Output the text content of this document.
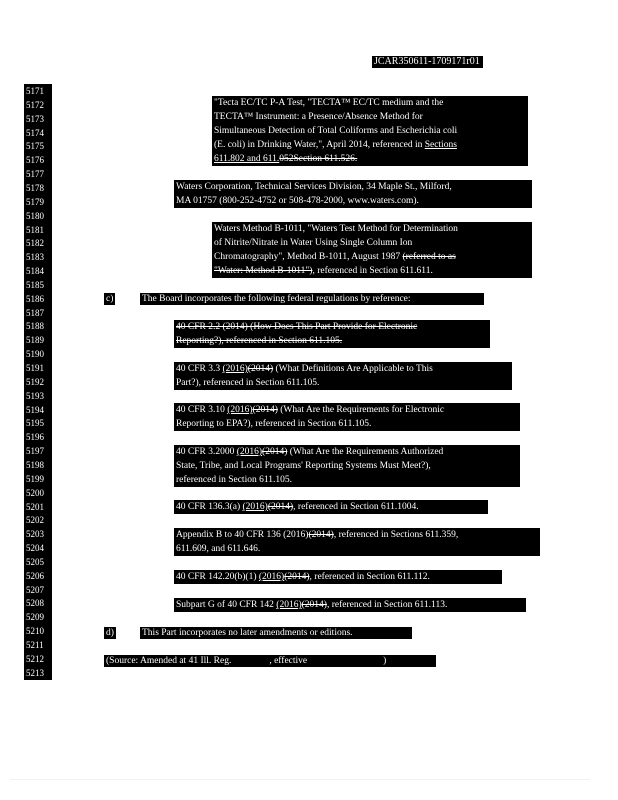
JCAR350611-1709171r01
5171
5172
5173
5174
5175
5176
5177
5178
5179
5180
5181
5182
5183
5184
5185
5186
5187
5188
5189
5190
5191
5192
5193
5194
5195
5196
5197
5198
5199
5200
5201
5202
5203
5204
5205
5206
5207
5208
5209
5210
5211
5212
5213
"Tecta EC/TC P-A Test, "TECTA™ EC/TC medium and the
TECTA™ Instrument: a Presence/Absence Method for
Simultaneous Detection of Total Coliforms and Escherichia coli
(E. coli) in Drinking Water,", April 2014, referenced in Sections
611.802 and 611.052Section 611.526.
Waters Corporation, Technical Services Division, 34 Maple St., Milford,
MA 01757 (800-252-4752 or 508-478-2000, www.waters.com).
Waters Method B-1011, "Waters Test Method for Determination
of Nitrite/Nitrate in Water Using Single Column Ion
Chromatography", Method B-1011, August 1987 (referred to as
"Water: Method B-1011"), referenced in Section 611.611.
c)	The Board incorporates the following federal regulations by reference:
40 CFR 2.2 (2014) (How Does This Part Provide for Electronic
Reporting?), referenced in Section 611.105.
40 CFR 3.3 (2016)(2014) (What Definitions Are Applicable to This
Part?), referenced in Section 611.105.
40 CFR 3.10 (2016)(2014) (What Are the Requirements for Electronic
Reporting to EPA?), referenced in Section 611.105.
40 CFR 3.2000 (2016)(2014) (What Are the Requirements Authorized
State, Tribe, and Local Programs' Reporting Systems Must Meet?),
referenced in Section 611.105.
40 CFR 136.3(a) (2016)(2014), referenced in Section 611.1004.
Appendix B to 40 CFR 136 (2016)(2014), referenced in Sections 611.359,
611.609, and 611.646.
40 CFR 142.20(b)(1) (2016)(2014), referenced in Section 611.112.
Subpart G of 40 CFR 142 (2016)(2014), referenced in Section 611.113.
d)	This Part incorporates no later amendments or editions.
(Source: Amended at 41 Ill. Reg.	, effective	)
